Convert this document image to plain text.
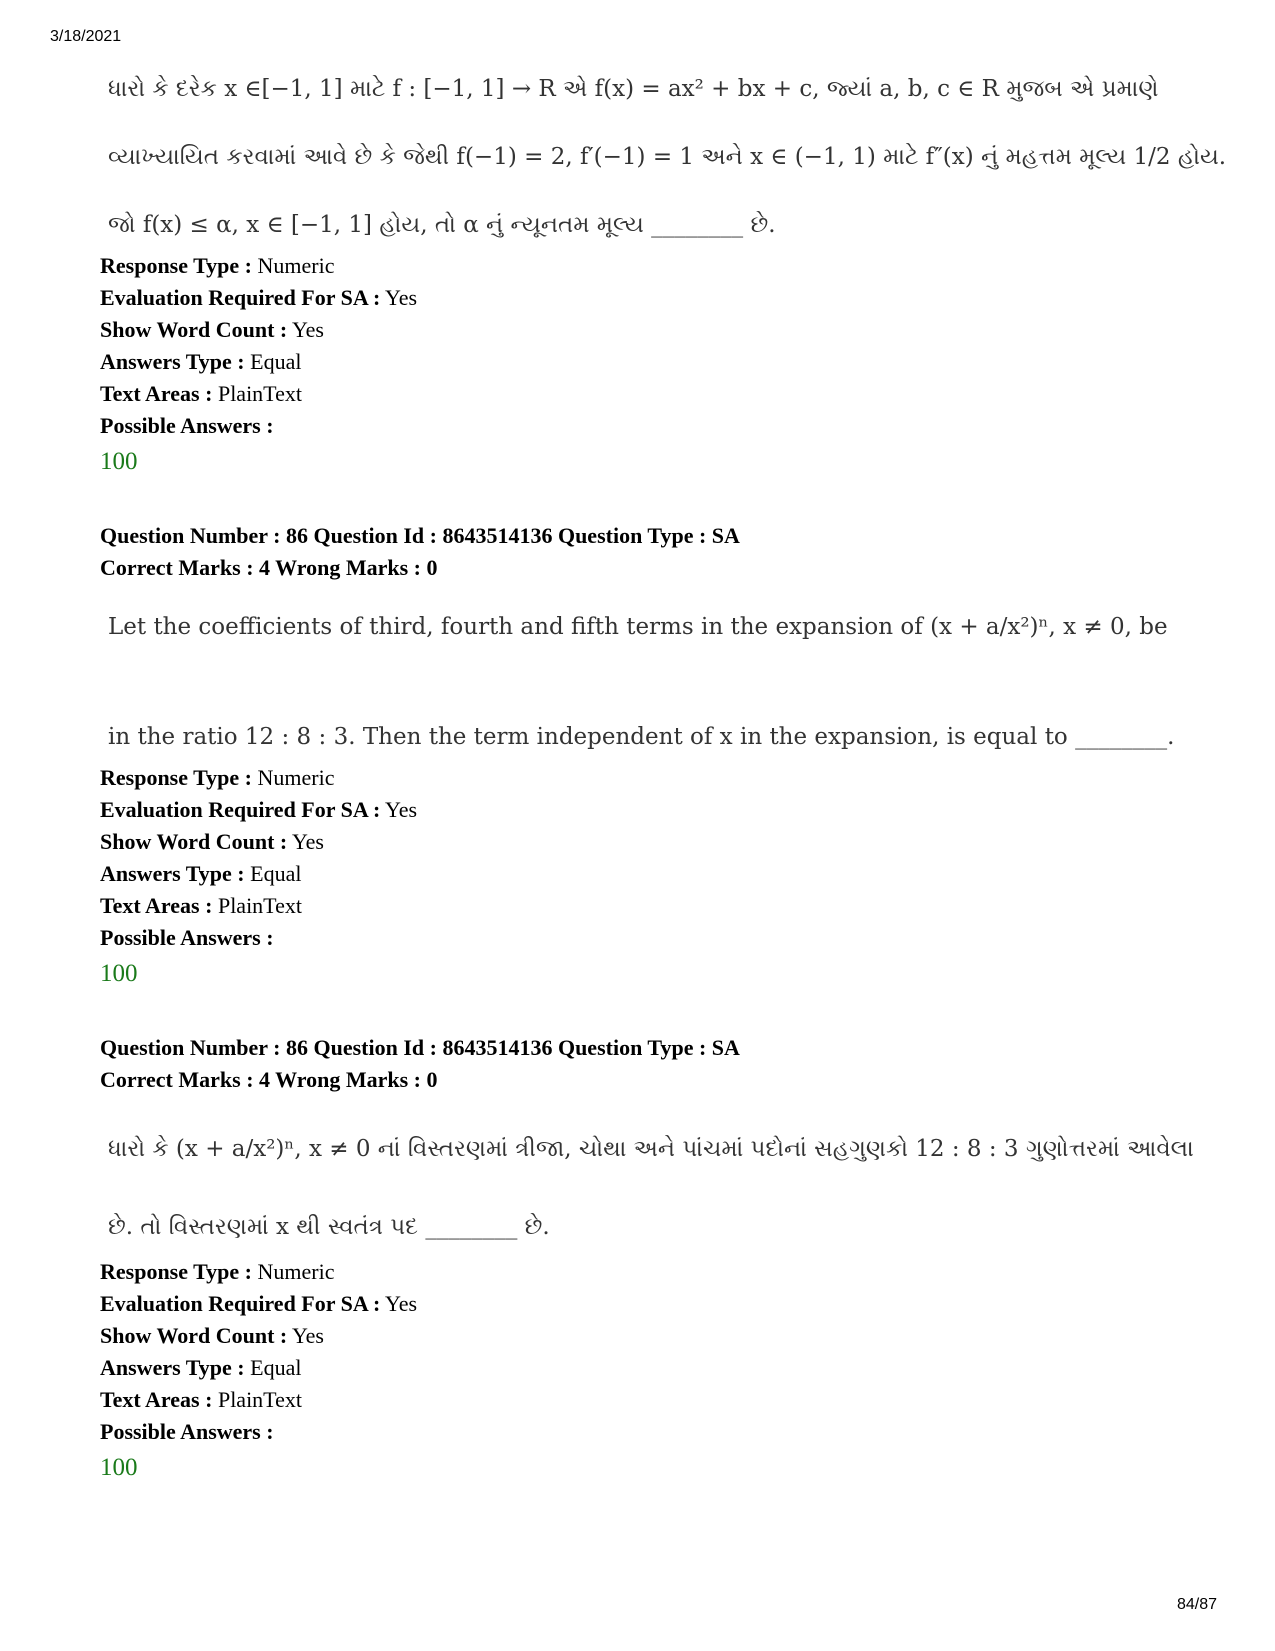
3/18/2021
ધારો કે દરેક x ∈[−1, 1] માટે f : [−1, 1] → R એ f(x) = ax² + bx + c, જ્યાં a, b, c ∈ R મુજબ એ પ્રમાણે
વ્યાખ્યાયિત કરવામાં આવે છે કે જેથી f(−1) = 2, f′(−1) = 1 અને x ∈ (−1, 1) માટે f″(x) નું મહત્તમ મૂલ્ય 1/2 હોય.
જો f(x) ≤ α, x ∈ [−1, 1] હોય, તો α નું ન્યૂનતમ મૂલ્ય ________ છે.
Response Type : Numeric
Evaluation Required For SA : Yes
Show Word Count : Yes
Answers Type : Equal
Text Areas : PlainText
Possible Answers :
100
Question Number : 86 Question Id : 8643514136 Question Type : SA
Correct Marks : 4 Wrong Marks : 0
Let the coefficients of third, fourth and fifth terms in the expansion of (x + a/x²)ⁿ, x ≠ 0, be
in the ratio 12 : 8 : 3. Then the term independent of x in the expansion, is equal to ________.
Response Type : Numeric
Evaluation Required For SA : Yes
Show Word Count : Yes
Answers Type : Equal
Text Areas : PlainText
Possible Answers :
100
Question Number : 86 Question Id : 8643514136 Question Type : SA
Correct Marks : 4 Wrong Marks : 0
ધારો કે (x + a/x²)ⁿ, x ≠ 0 નાં વિસ્તરણમાં ત્રીજા, ચોથા અને પાંચમાં પદોનાં સહગુણકો 12 : 8 : 3 ગુણોત્તરમાં આવેલા
છે. તો વિસ્તરણમાં x થી સ્વતંત્ર પદ ________ છે.
Response Type : Numeric
Evaluation Required For SA : Yes
Show Word Count : Yes
Answers Type : Equal
Text Areas : PlainText
Possible Answers :
100
84/87
